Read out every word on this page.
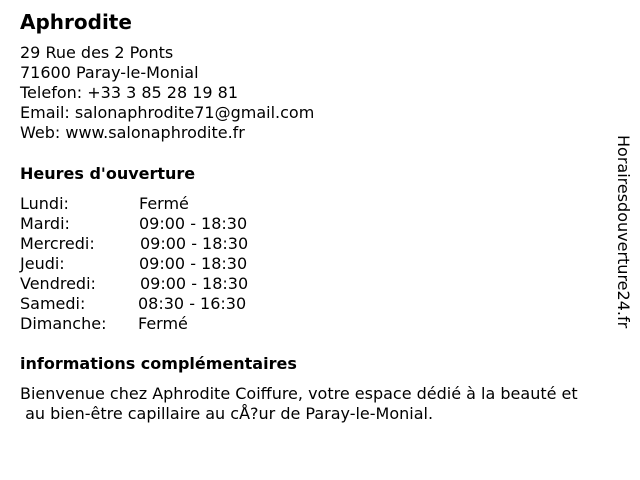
Aphrodite
29 Rue des 2 Ponts
71600 Paray-le-Monial
Telefon: +33 3 85 28 19 81
Email: salonaphrodite71@gmail.com
Web: www.salonaphrodite.fr
Heures d'ouverture
Lundi:	Fermé
Mardi:	09:00 - 18:30
Mercredi:	09:00 - 18:30
Jeudi:	09:00 - 18:30
Vendredi:	09:00 - 18:30
Samedi:	08:30 - 16:30
Dimanche: Fermé
informations complémentaires
Bienvenue chez Aphrodite Coiffure, votre espace dédié à la beauté et
au bien-être capillaire au cÅ?ur de Paray-le-Monial.
Horairesdouverture24.fr
